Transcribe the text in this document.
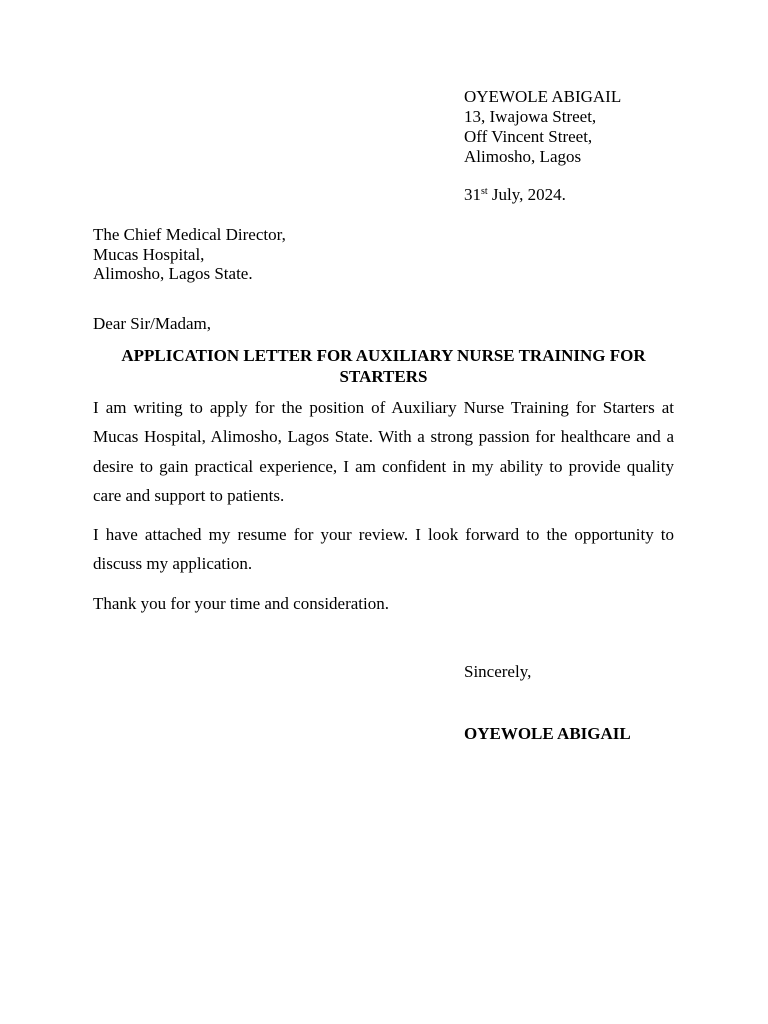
OYEWOLE ABIGAIL
13, Iwajowa Street,
Off Vincent Street,
Alimosho, Lagos
31st July, 2024.
The Chief Medical Director,
Mucas Hospital,
Alimosho, Lagos State.
Dear Sir/Madam,
APPLICATION LETTER FOR AUXILIARY NURSE TRAINING FOR STARTERS
I am writing to apply for the position of Auxiliary Nurse Training for Starters at Mucas Hospital, Alimosho, Lagos State. With a strong passion for healthcare and a desire to gain practical experience, I am confident in my ability to provide quality care and support to patients.
I have attached my resume for your review. I look forward to the opportunity to discuss my application.
Thank you for your time and consideration.
Sincerely,
OYEWOLE ABIGAIL
